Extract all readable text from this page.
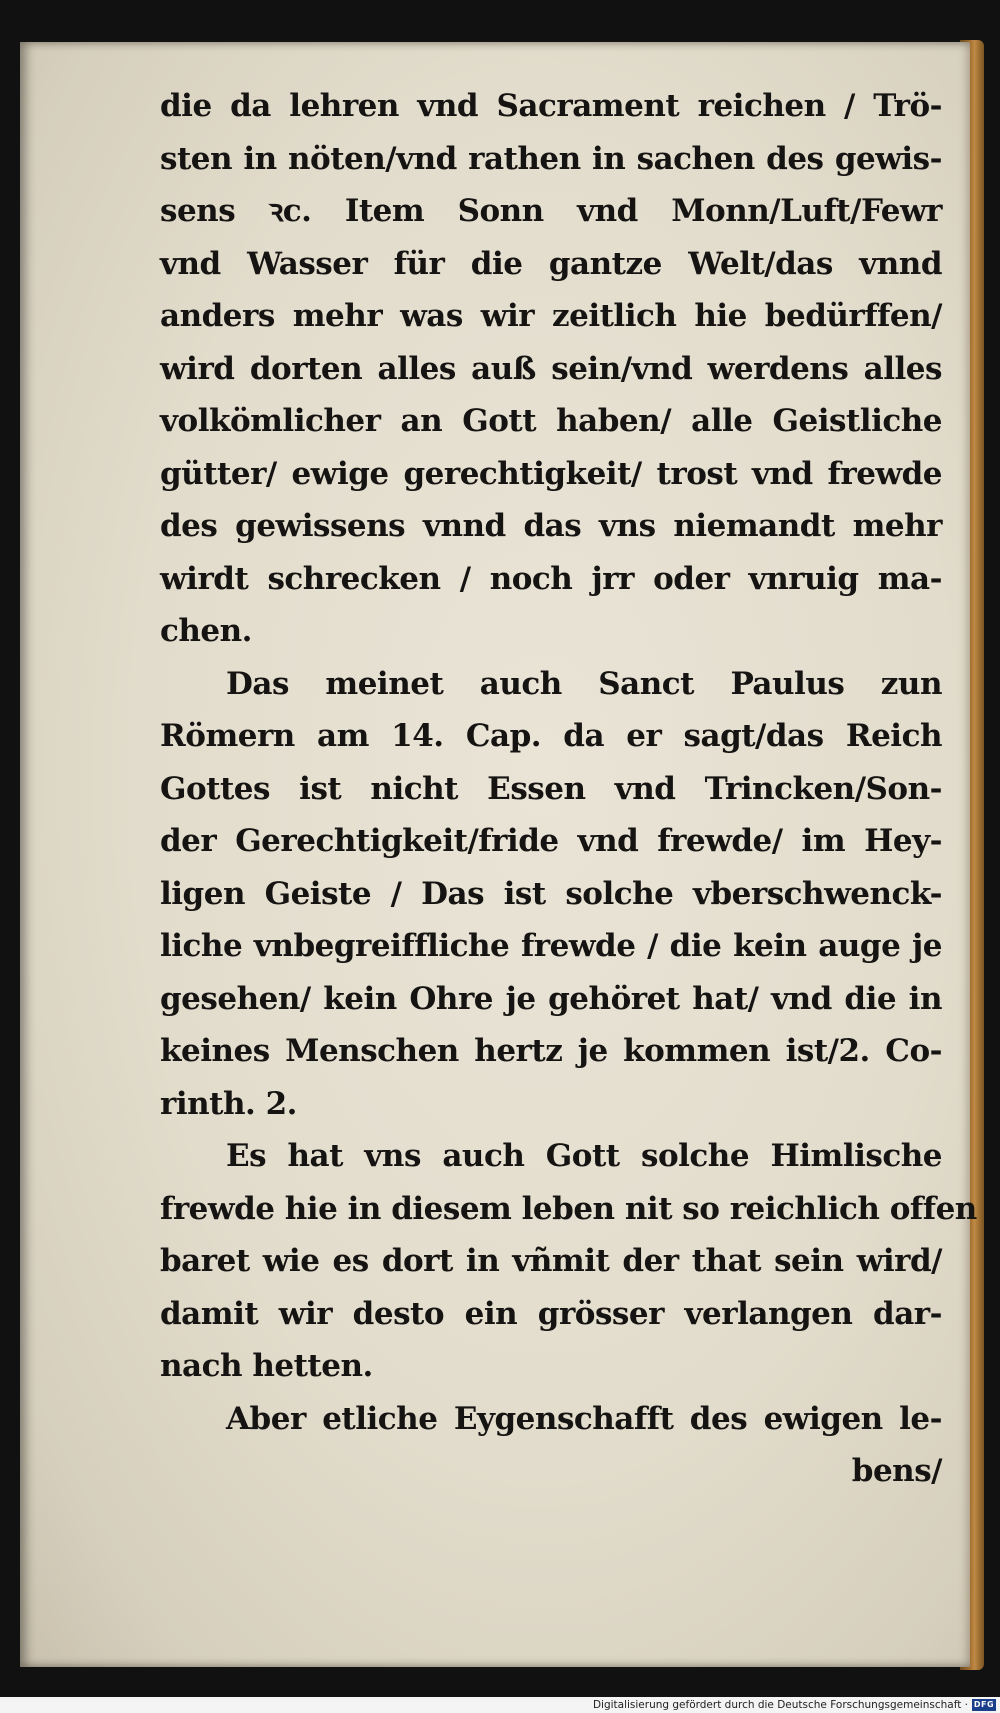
die da lehren vnd Sacrament reichen / Trö-
sten in nöten/vnd rathen in sachen des gewis-
sens ꝛc. Item Sonn vnd Monn/Luft/Fewr
vnd Wasser für die gantze Welt/das vnnd
anders mehr was wir zeitlich hie bedürffen/
wird dorten alles auß sein/vnd werdens alles
volkömlicher an Gott haben/ alle Geistliche
gütter/ ewige gerechtigkeit/ trost vnd frewde
des gewissens vnnd das vns niemandt mehr
wirdt schrecken / noch jrr oder vnruig ma-
chen.
Das meinet auch Sanct Paulus zun
Römern am 14. Cap. da er sagt/das Reich
Gottes ist nicht Essen vnd Trincken/Son-
der Gerechtigkeit/fride vnd frewde/ im Hey-
ligen Geiste / Das ist solche vberschwenck-
liche vnbegreiffliche frewde / die kein auge je
gesehen/ kein Ohre je gehöret hat/ vnd die in
keines Menschen hertz je kommen ist/2. Co-
rinth. 2.
Es hat vns auch Gott solche Himlische
frewde hie in diesem leben nit so reichlich offen
baret wie es dort in vñmit der that sein wird/
damit wir desto ein grösser verlangen dar-
nach hetten.
Aber etliche Eygenschafft des ewigen le-
bens/
Digitalisierung gefördert durch die Deutsche Forschungsgemeinschaft · DFG
